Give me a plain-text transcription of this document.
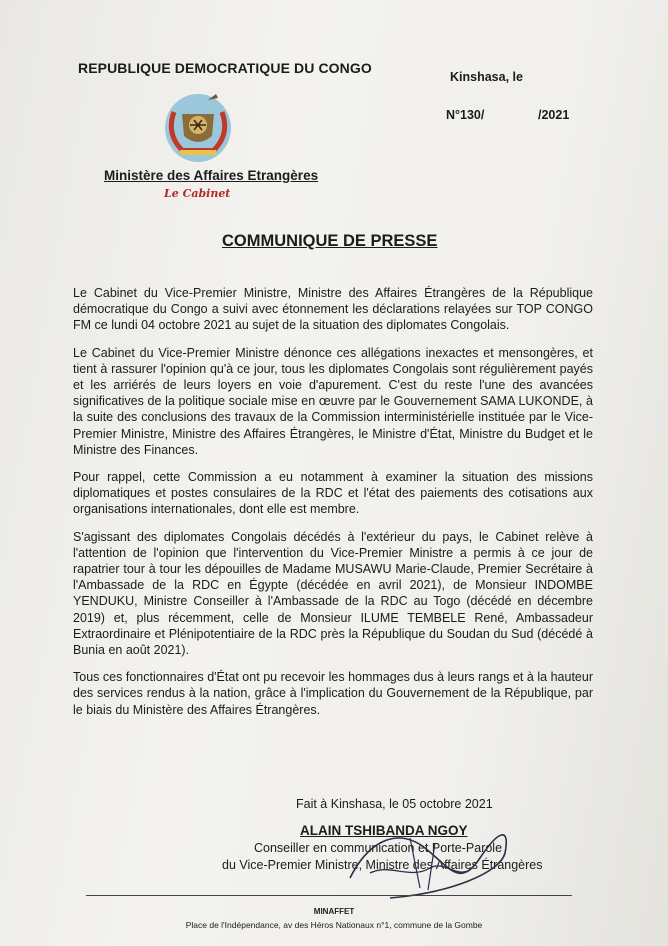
REPUBLIQUE DEMOCRATIQUE DU CONGO
Kinshasa, le
N°130/	/2021
Ministère des Affaires Etrangères
Le Cabinet
COMMUNIQUE DE PRESSE

Le Cabinet du Vice-Premier Ministre, Ministre des Affaires Étrangères de la République démocratique du Congo a suivi avec étonnement les déclarations relayées sur TOP CONGO FM ce lundi 04 octobre 2021 au sujet de la situation des diplomates Congolais.

Le Cabinet du Vice-Premier Ministre dénonce ces allégations inexactes et mensongères, et tient à rassurer l'opinion qu'à ce jour, tous les diplomates Congolais sont régulièrement payés et les arriérés de leurs loyers en voie d'apurement. C'est du reste l'une des avancées significatives de la politique sociale mise en œuvre par le Gouvernement SAMA LUKONDE, à la suite des conclusions des travaux de la Commission interministérielle instituée par le Vice-Premier Ministre, Ministre des Affaires Étrangères, le Ministre d'État, Ministre du Budget et le Ministre des Finances.

Pour rappel, cette Commission a eu notamment à examiner la situation des missions diplomatiques et postes consulaires de la RDC et l'état des paiements des cotisations aux organisations internationales, dont elle est membre.

S'agissant des diplomates Congolais décédés à l'extérieur du pays, le Cabinet relève à l'attention de l'opinion que l'intervention du Vice-Premier Ministre a permis à ce jour de rapatrier tour à tour les dépouilles de Madame MUSAWU Marie-Claude, Premier Secrétaire à l'Ambassade de la RDC en Égypte (décédée en avril 2021), de Monsieur INDOMBE YENDUKU, Ministre Conseiller à l'Ambassade de la RDC au Togo (décédé en décembre 2019) et, plus récemment, celle de Monsieur ILUME TEMBELE René, Ambassadeur Extraordinaire et Plénipotentiaire de la RDC près la République du Soudan du Sud (décédé à Bunia en août 2021).

Tous ces fonctionnaires d'État ont pu recevoir les hommages dus à leurs rangs et à la hauteur des services rendus à la nation, grâce à l'implication du Gouvernement de la République, par le biais du Ministère des Affaires Étrangères.

Fait à Kinshasa, le 05 octobre 2021
ALAIN TSHIBANDA NGOY
Conseiller en communication et Porte-Parole
du Vice-Premier Ministre, Ministre des Affaires Étrangères
MINAFFET
Place de l'Indépendance, av des Héros Nationaux n°1, commune de la Gombe
